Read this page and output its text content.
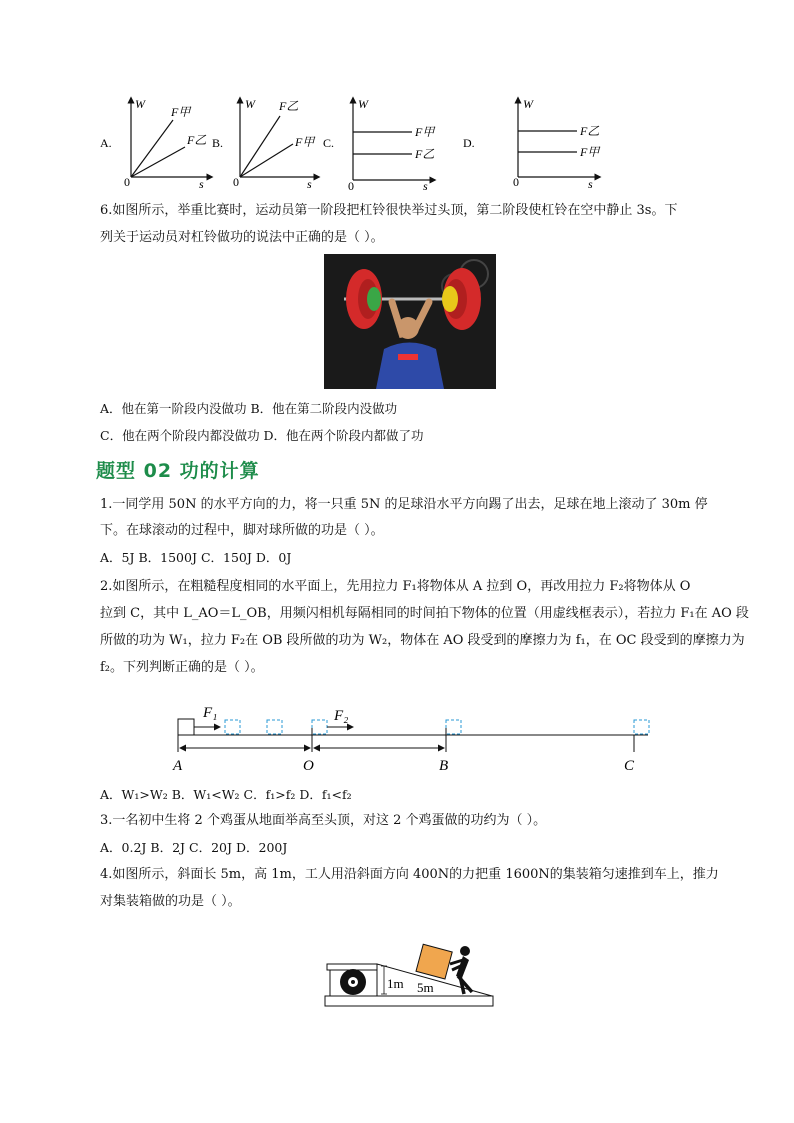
A.
W
0	s
F甲
F乙 B.
W
0	s
F乙
F甲 C.
W
0	s
F甲
F乙
D.
W
0	s
F乙
F甲
6.如图所示，举重比赛时，运动员第一阶段把杠铃很快举过头顶，第二阶段使杠铃在空中静止 3s。下
列关于运动员对杠铃做功的说法中正确的是（ ）。
A．他在第一阶段内没做功 B．他在第二阶段内没做功
C．他在两个阶段内都没做功 D．他在两个阶段内都做了功
题型 02 功的计算
1.一同学用 50N 的水平方向的力，将一只重 5N 的足球沿水平方向踢了出去，足球在地上滚动了 30m 停
下。在球滚动的过程中，脚对球所做的功是（ ）。
A．5J B．1500J C．150J D．0J
2.如图所示，在粗糙程度相同的水平面上，先用拉力 F₁将物体从 A 拉到 O，再改用拉力 F₂将物体从 O
拉到 C，其中 L_AO＝L_OB，用频闪相机每隔相同的时间拍下物体的位置（用虚线框表示），若拉力 F₁在 AO 段
所做的功为 W₁，拉力 F₂在 OB 段所做的功为 W₂，物体在 AO 段受到的摩擦力为 f₁，在 OC 段受到的摩擦力为
f₂。下列判断正确的是（ ）。
F₁	F₂
A	O	B	C
A．W₁>W₂ B．W₁<W₂ C．f₁>f₂ D．f₁<f₂
3.一名初中生将 2 个鸡蛋从地面举高至头顶，对这 2 个鸡蛋做的功约为（ ）。
A．0.2J B．2J C．20J D．200J
4.如图所示，斜面长 5m，高 1m，工人用沿斜面方向 400N的力把重 1600N的集装箱匀速推到车上，推力
对集装箱做的功是（ ）。
1m 5m
